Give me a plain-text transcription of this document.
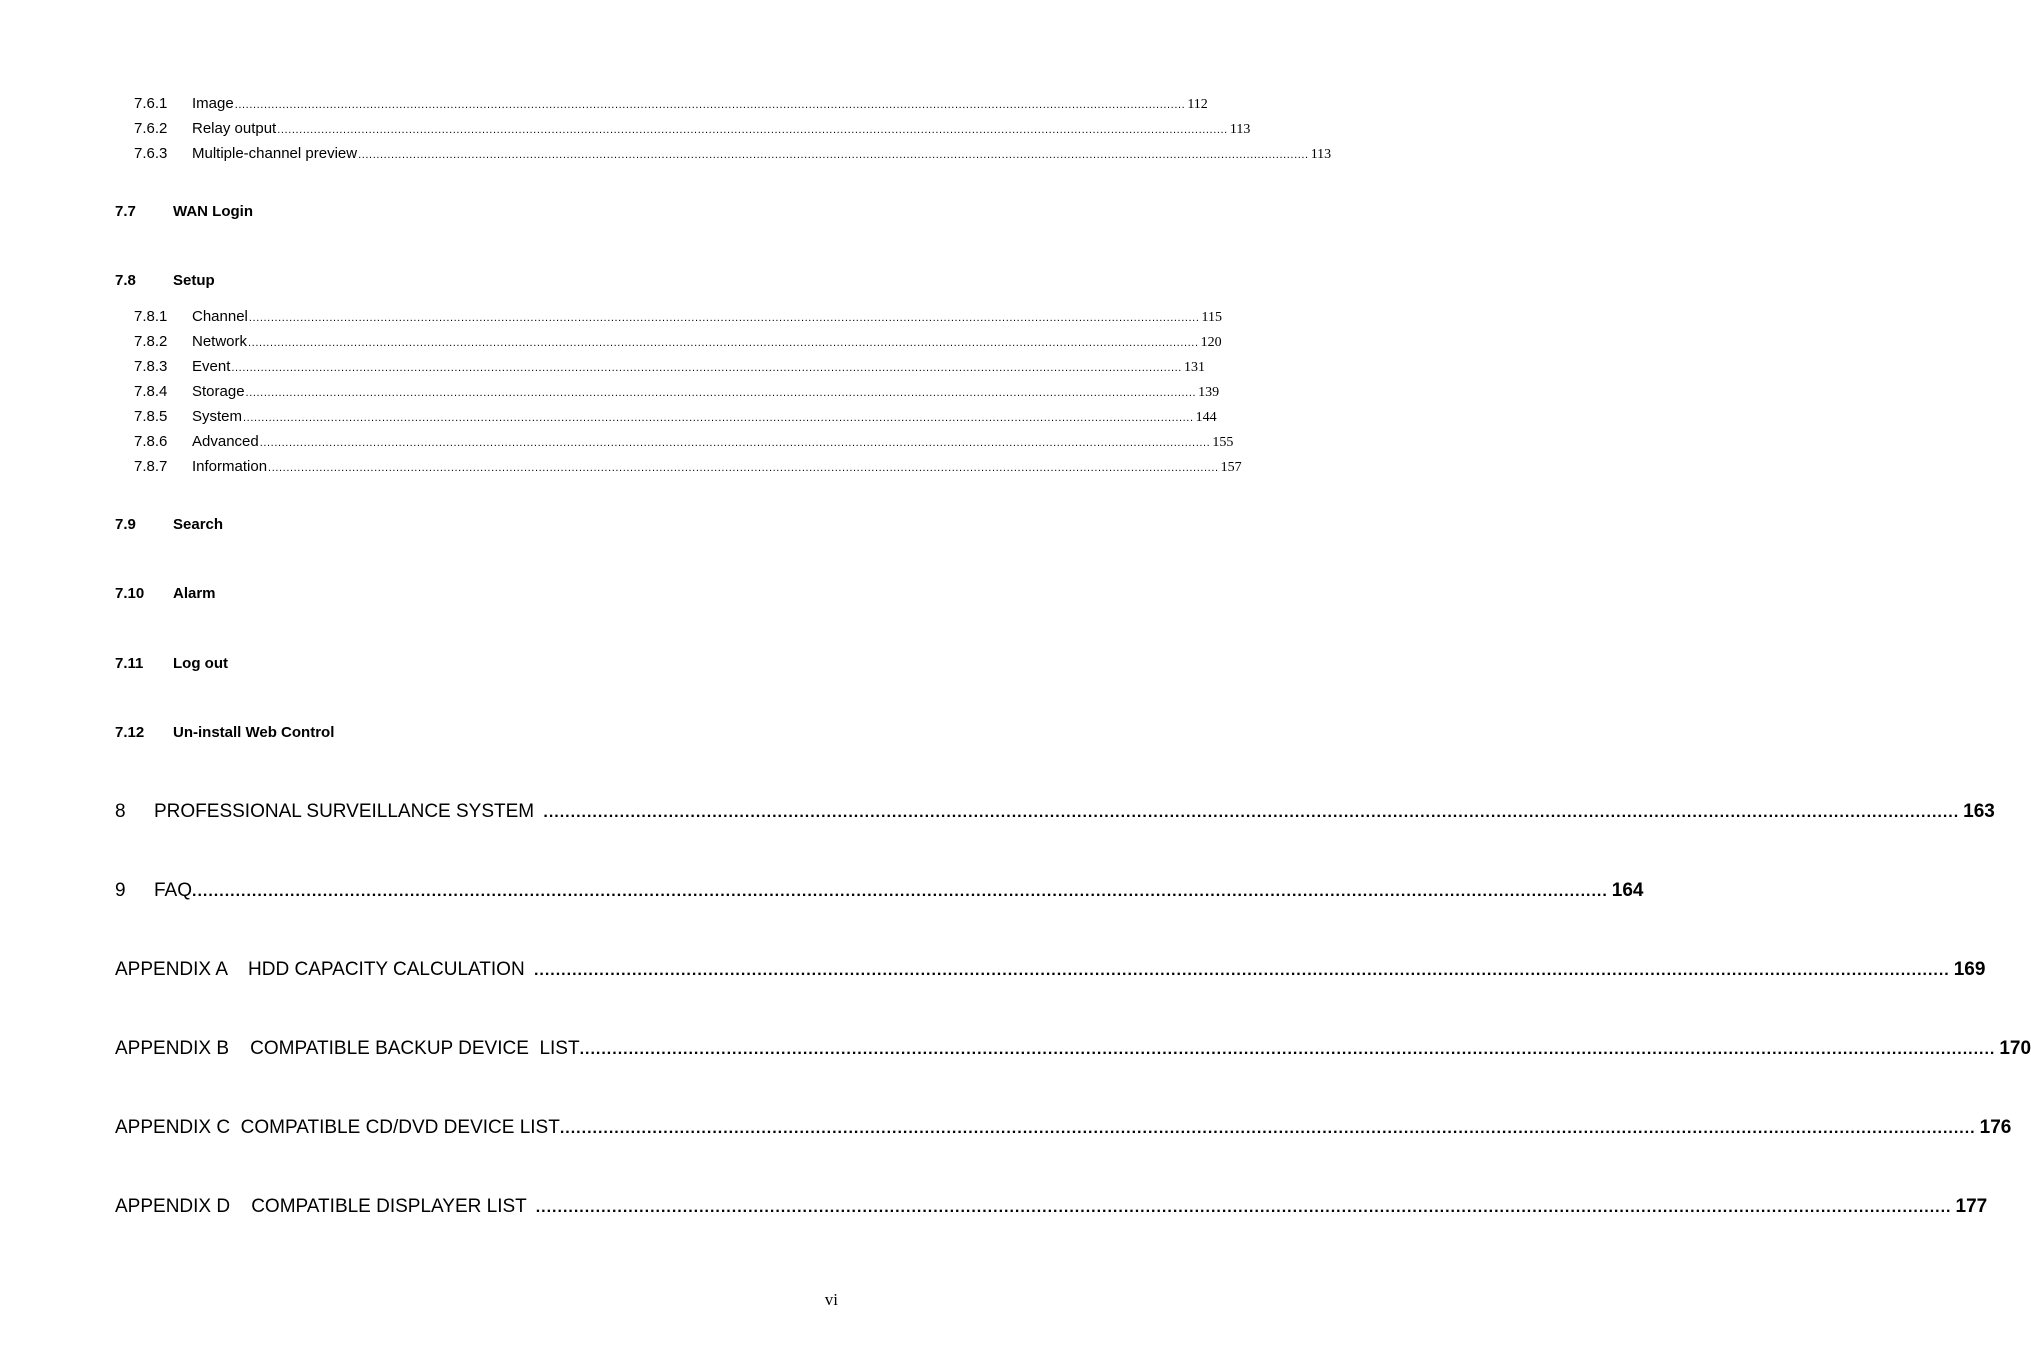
7.6.1	Image .................................................................................................................................................................................................................................................................... 112
7.6.2	Relay output .................................................................................................................................................................................................................................................................... 113
7.6.3	Multiple-channel preview .................................................................................................................................................................................................................................................................... 113
7.7	WAN Login
7.8	Setup
7.8.1	Channel .................................................................................................................................................................................................................................................................... 115
7.8.2	Network .................................................................................................................................................................................................................................................................... 120
7.8.3	Event .................................................................................................................................................................................................................................................................... 131
7.8.4	Storage .................................................................................................................................................................................................................................................................... 139
7.8.5	System .................................................................................................................................................................................................................................................................... 144
7.8.6	Advanced .................................................................................................................................................................................................................................................................... 155
7.8.7	Information .................................................................................................................................................................................................................................................................... 157
7.9	Search
7.10	Alarm
7.11	Log out
7.12	Un-install Web Control
8	PROFESSIONAL SURVEILLANCE SYSTEM .................................................................................................................................................................................................................................................................... 163
9	FAQ .................................................................................................................................................................................................................................................................... 164
APPENDIX A    HDD CAPACITY CALCULATION .................................................................................................................................................................................................................................................................... 169
APPENDIX B    COMPATIBLE BACKUP DEVICE  LIST .................................................................................................................................................................................................................................................................... 170
APPENDIX C  COMPATIBLE CD/DVD DEVICE LIST .................................................................................................................................................................................................................................................................... 176
APPENDIX D    COMPATIBLE DISPLAYER LIST .................................................................................................................................................................................................................................................................... 177
vi
